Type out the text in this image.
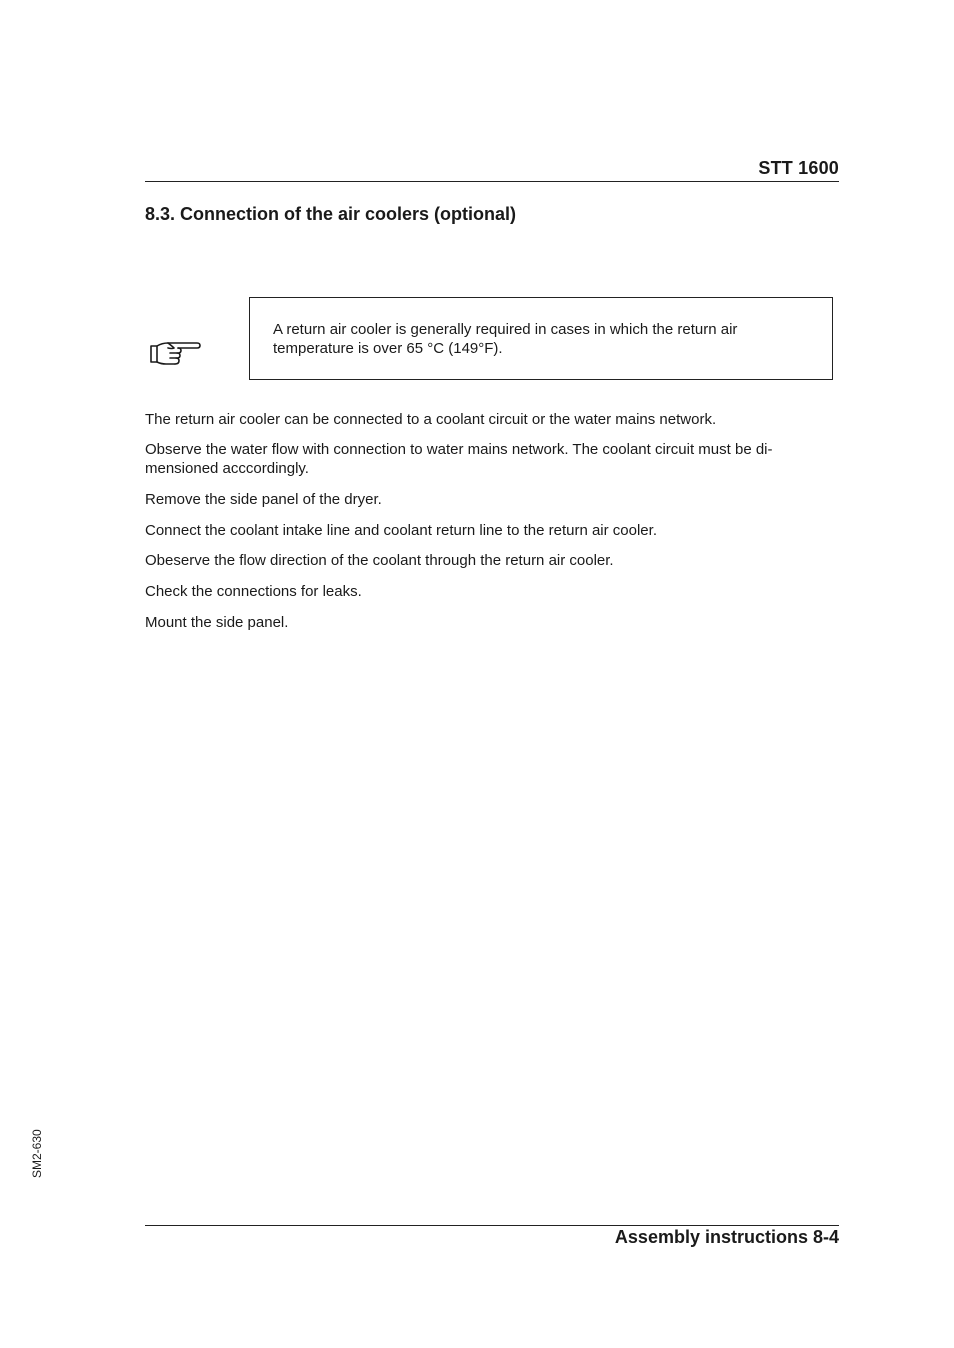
STT 1600
8.3. Connection of the air coolers (optional)
A return air cooler is generally required in cases in which the return air
temperature is over 65 °C (149°F).

The return air cooler can be connected to a coolant circuit or the water mains network.

Observe the water flow with connection to water mains network. The coolant circuit must be di-
mensioned acccordingly.

Remove the side panel of the dryer.

Connect the coolant intake line and coolant return line to the return air cooler.

Obeserve the flow direction of the coolant through the return air cooler.

Check the connections for leaks.

Mount the side panel.

SM2-630
Assembly instructions 8-4
